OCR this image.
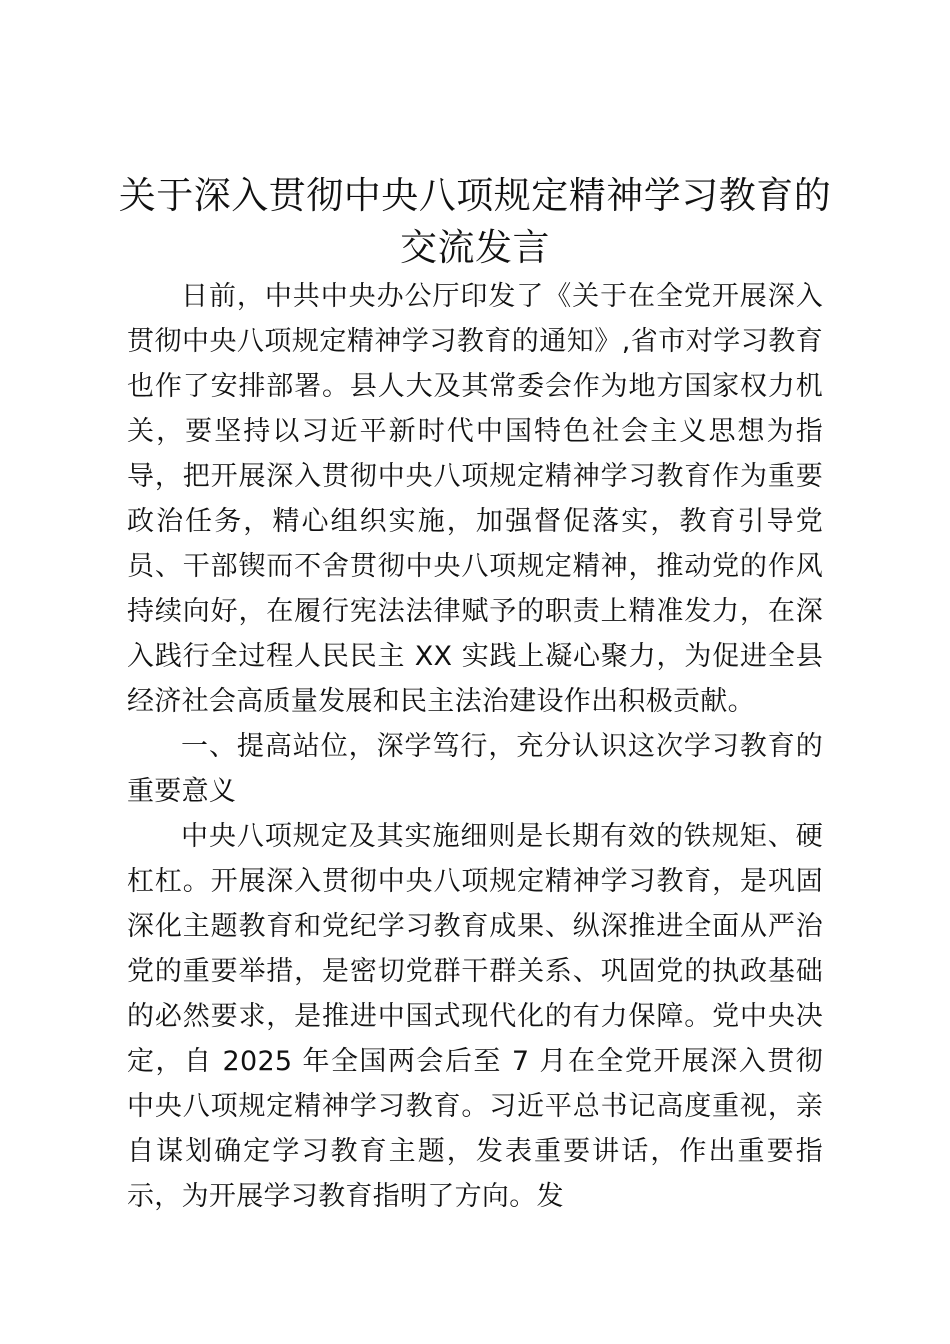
关于深入贯彻中央八项规定精神学习教育的交流发言

日前，中共中央办公厅印发了《关于在全党开展深入贯彻中央八项规定精神学习教育的通知》,省市对学习教育也作了安排部署。县人大及其常委会作为地方国家权力机关，要坚持以习近平新时代中国特色社会主义思想为指导，把开展深入贯彻中央八项规定精神学习教育作为重要政治任务，精心组织实施，加强督促落实，教育引导党员、干部锲而不舍贯彻中央八项规定精神，推动党的作风持续向好，在履行宪法法律赋予的职责上精准发力，在深入践行全过程人民民主 XX 实践上凝心聚力，为促进全县经济社会高质量发展和民主法治建设作出积极贡献。

一、提高站位，深学笃行，充分认识这次学习教育的重要意义

中央八项规定及其实施细则是长期有效的铁规矩、硬杠杠。开展深入贯彻中央八项规定精神学习教育，是巩固深化主题教育和党纪学习教育成果、纵深推进全面从严治党的重要举措，是密切党群干群关系、巩固党的执政基础的必然要求，是推进中国式现代化的有力保障。党中央决定，自 2025 年全国两会后至 7 月在全党开展深入贯彻中央八项规定精神学习教育。习近平总书记高度重视，亲自谋划确定学习教育主题，发表重要讲话，作出重要指示，为开展学习教育指明了方向。发
